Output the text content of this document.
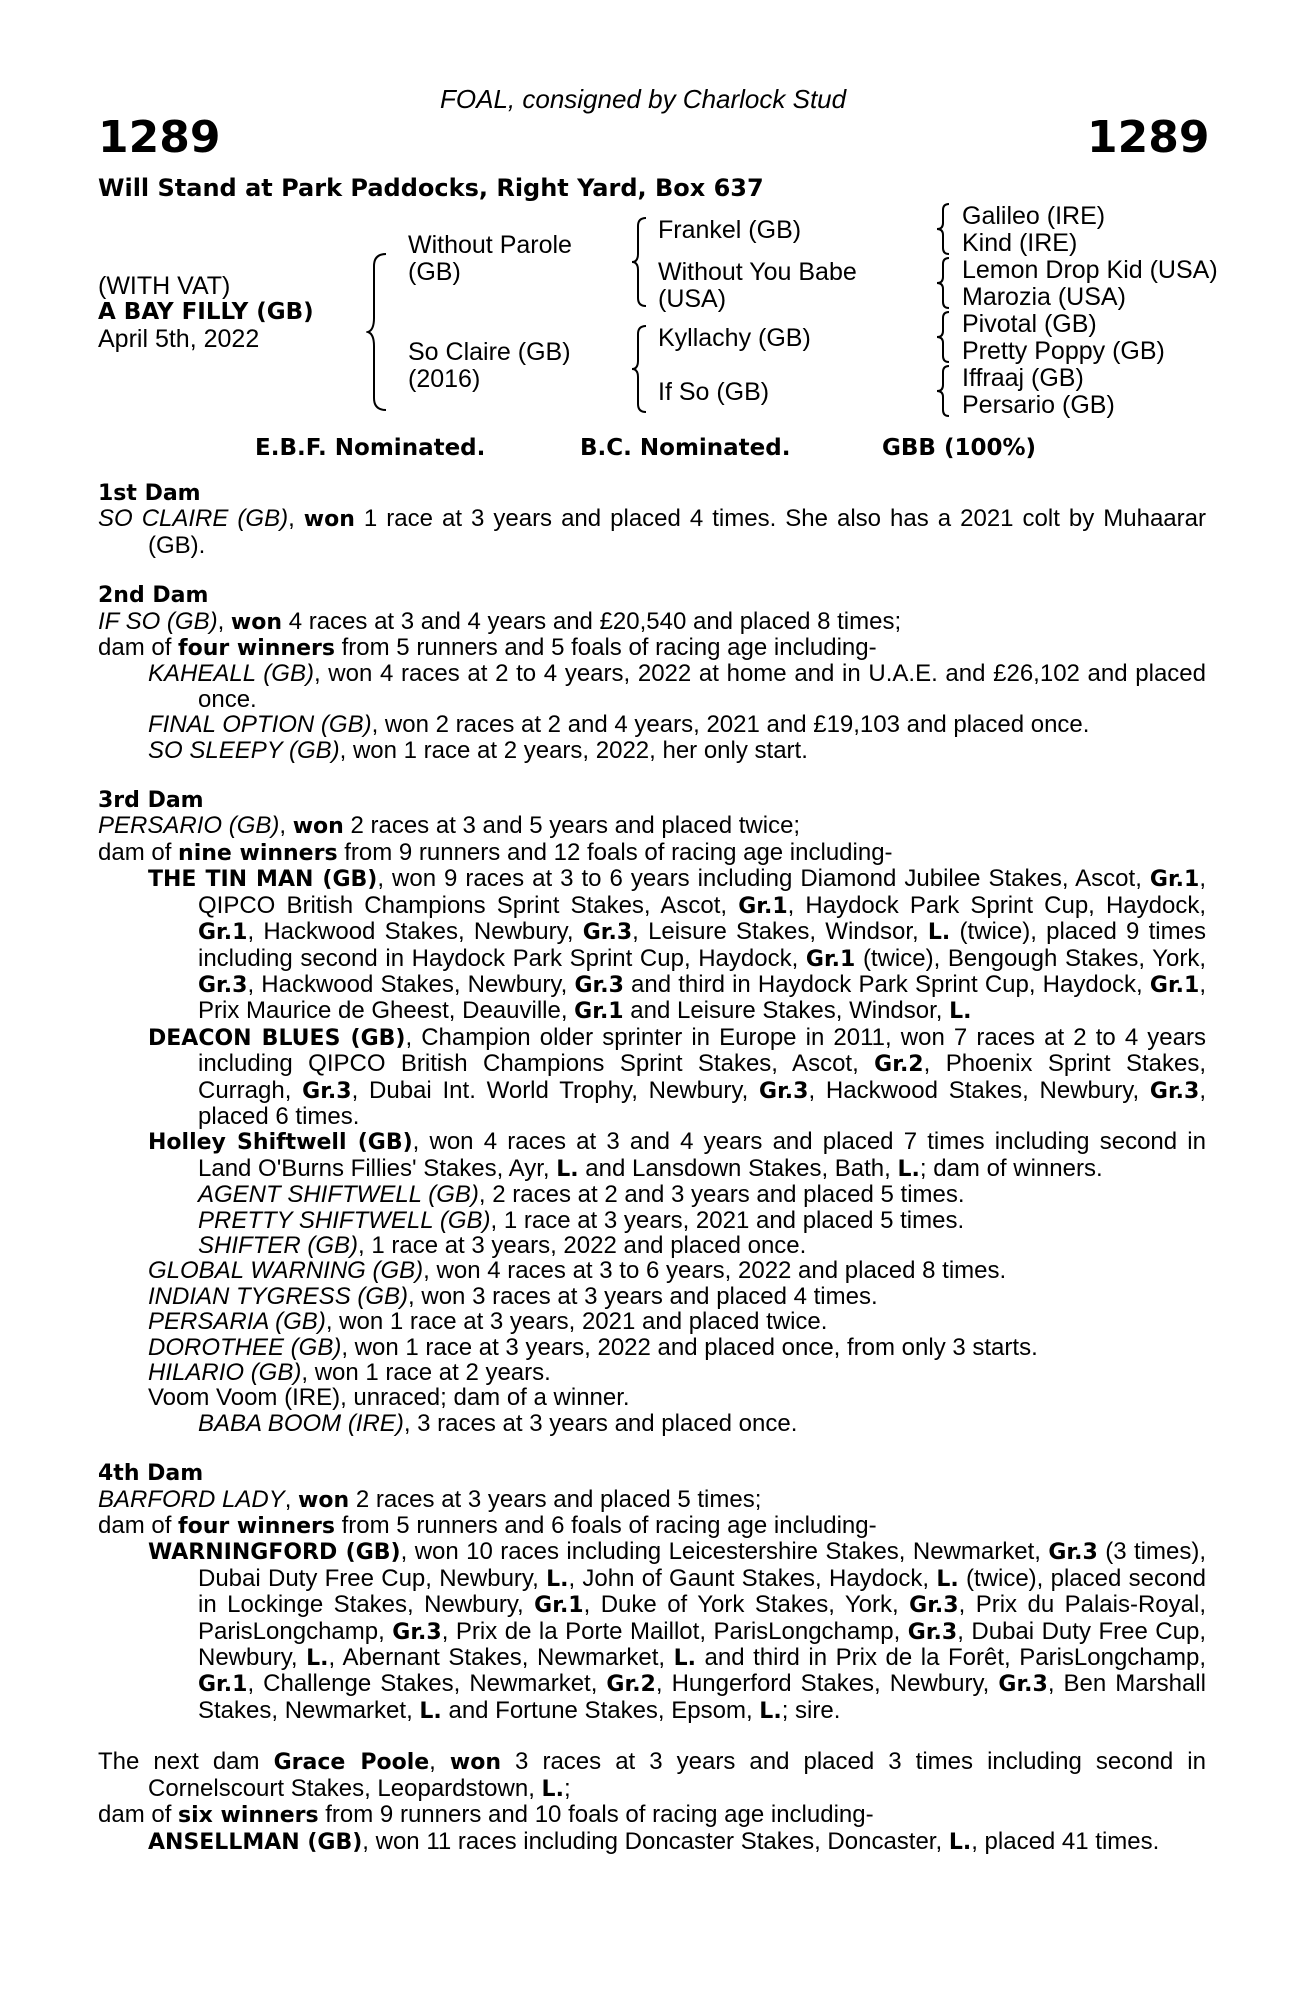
FOAL, consigned by Charlock Stud
1289	1289
Will Stand at Park Paddocks, Right Yard, Box 637
(WITH VAT)
A BAY FILLY (GB)
April 5th, 2022
Without Parole
(GB)
So Claire (GB)
(2016)
Frankel (GB)
Without You Babe
(USA)
Kyllachy (GB)
If So (GB)
Galileo (IRE)
Kind (IRE)
Lemon Drop Kid (USA)
Marozia (USA)
Pivotal (GB)
Pretty Poppy (GB)
Iffraaj (GB)
Persario (GB)
E.B.F. Nominated.	B.C. Nominated.	GBB (100%)
1st Dam

SO CLAIRE (GB), won 1 race at 3 years and placed 4 times. She also has a 2021 colt by Muhaarar (GB).

2nd Dam

IF SO (GB), won 4 races at 3 and 4 years and £20,540 and placed 8 times;

dam of four winners from 5 runners and 5 foals of racing age including-

KAHEALL (GB), won 4 races at 2 to 4 years, 2022 at home and in U.A.E. and £26,102 and placed once.

FINAL OPTION (GB), won 2 races at 2 and 4 years, 2021 and £19,103 and placed once.

SO SLEEPY (GB), won 1 race at 2 years, 2022, her only start.

3rd Dam

PERSARIO (GB), won 2 races at 3 and 5 years and placed twice;

dam of nine winners from 9 runners and 12 foals of racing age including-

THE TIN MAN (GB), won 9 races at 3 to 6 years including Diamond Jubilee Stakes, Ascot, Gr.1, QIPCO British Champions Sprint Stakes, Ascot, Gr.1, Haydock Park Sprint Cup, Haydock, Gr.1, Hackwood Stakes, Newbury, Gr.3, Leisure Stakes, Windsor, L. (twice), placed 9 times including second in Haydock Park Sprint Cup, Haydock, Gr.1 (twice), Bengough Stakes, York, Gr.3, Hackwood Stakes, Newbury, Gr.3 and third in Haydock Park Sprint Cup, Haydock, Gr.1, Prix Maurice de Gheest, Deauville, Gr.1 and Leisure Stakes, Windsor, L.

DEACON BLUES (GB), Champion older sprinter in Europe in 2011, won 7 races at 2 to 4 years including QIPCO British Champions Sprint Stakes, Ascot, Gr.2, Phoenix Sprint Stakes, Curragh, Gr.3, Dubai Int. World Trophy, Newbury, Gr.3, Hackwood Stakes, Newbury, Gr.3, placed 6 times.

Holley Shiftwell (GB), won 4 races at 3 and 4 years and placed 7 times including second in Land O'Burns Fillies' Stakes, Ayr, L. and Lansdown Stakes, Bath, L.; dam of winners.

AGENT SHIFTWELL (GB), 2 races at 2 and 3 years and placed 5 times.

PRETTY SHIFTWELL (GB), 1 race at 3 years, 2021 and placed 5 times.

SHIFTER (GB), 1 race at 3 years, 2022 and placed once.

GLOBAL WARNING (GB), won 4 races at 3 to 6 years, 2022 and placed 8 times.

INDIAN TYGRESS (GB), won 3 races at 3 years and placed 4 times.

PERSARIA (GB), won 1 race at 3 years, 2021 and placed twice.

DOROTHEE (GB), won 1 race at 3 years, 2022 and placed once, from only 3 starts.

HILARIO (GB), won 1 race at 2 years.

Voom Voom (IRE), unraced; dam of a winner.

BABA BOOM (IRE), 3 races at 3 years and placed once.

4th Dam

BARFORD LADY, won 2 races at 3 years and placed 5 times;

dam of four winners from 5 runners and 6 foals of racing age including-

WARNINGFORD (GB), won 10 races including Leicestershire Stakes, Newmarket, Gr.3 (3 times), Dubai Duty Free Cup, Newbury, L., John of Gaunt Stakes, Haydock, L. (twice), placed second in Lockinge Stakes, Newbury, Gr.1, Duke of York Stakes, York, Gr.3, Prix du Palais-Royal, ParisLongchamp, Gr.3, Prix de la Porte Maillot, ParisLongchamp, Gr.3, Dubai Duty Free Cup, Newbury, L., Abernant Stakes, Newmarket, L. and third in Prix de la Forêt, ParisLongchamp, Gr.1, Challenge Stakes, Newmarket, Gr.2, Hungerford Stakes, Newbury, Gr.3, Ben Marshall Stakes, Newmarket, L. and Fortune Stakes, Epsom, L.; sire.

The next dam Grace Poole, won 3 races at 3 years and placed 3 times including second in Cornelscourt Stakes, Leopardstown, L.;

dam of six winners from 9 runners and 10 foals of racing age including-

ANSELLMAN (GB), won 11 races including Doncaster Stakes, Doncaster, L., placed 41 times.
